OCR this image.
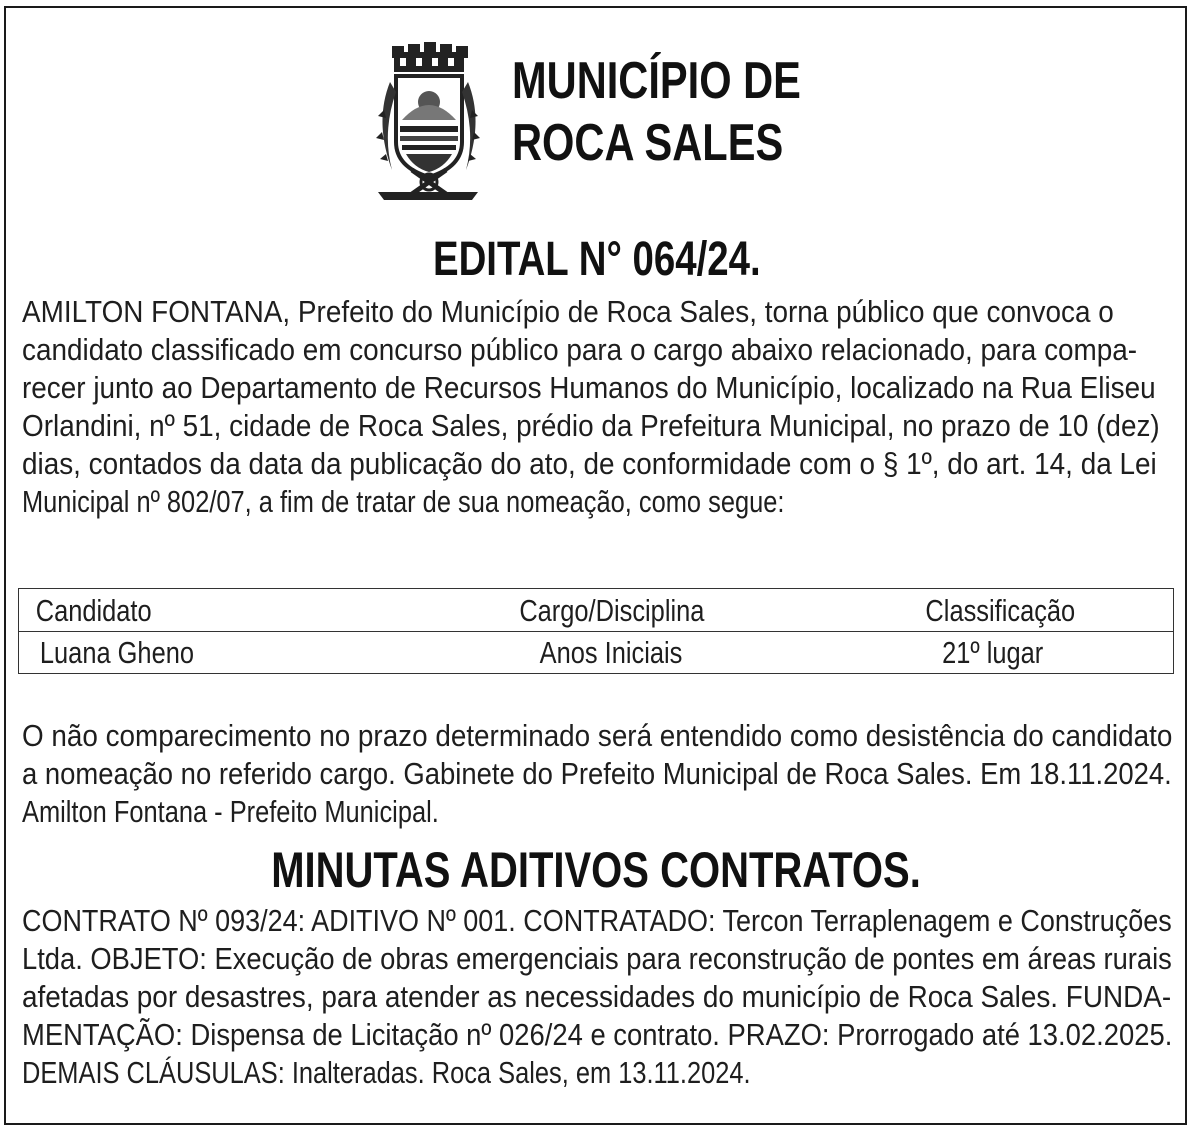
MUNICÍPIO DE
ROCA SALES
EDITAL N° 064/24.
AMILTON FONTANA, Prefeito do Município de Roca Sales, torna público que convoca o
candidato classificado em concurso público para o cargo abaixo relacionado, para compa-
recer junto ao Departamento de Recursos Humanos do Município, localizado na Rua Eliseu
Orlandini, nº 51, cidade de Roca Sales, prédio da Prefeitura Municipal, no prazo de 10 (dez)
dias, contados da data da publicação do ato, de conformidade com o § 1º, do art. 14, da Lei
Municipal nº 802/07, a fim de tratar de sua nomeação, como segue:
Candidato	Cargo/Disciplina	Classificação
Luana Gheno	Anos Iniciais	21º lugar
O não comparecimento no prazo determinado será entendido como desistência do candidato
a nomeação no referido cargo. Gabinete do Prefeito Municipal de Roca Sales. Em 18.11.2024.
Amilton Fontana - Prefeito Municipal.
MINUTAS ADITIVOS CONTRATOS.
CONTRATO Nº 093/24: ADITIVO Nº 001. CONTRATADO: Tercon Terraplenagem e Construções
Ltda. OBJETO: Execução de obras emergenciais para reconstrução de pontes em áreas rurais
afetadas por desastres, para atender as necessidades do município de Roca Sales. FUNDA-
MENTAÇÃO: Dispensa de Licitação nº 026/24 e contrato. PRAZO: Prorrogado até 13.02.2025.
DEMAIS CLÁUSULAS: Inalteradas. Roca Sales, em 13.11.2024.
